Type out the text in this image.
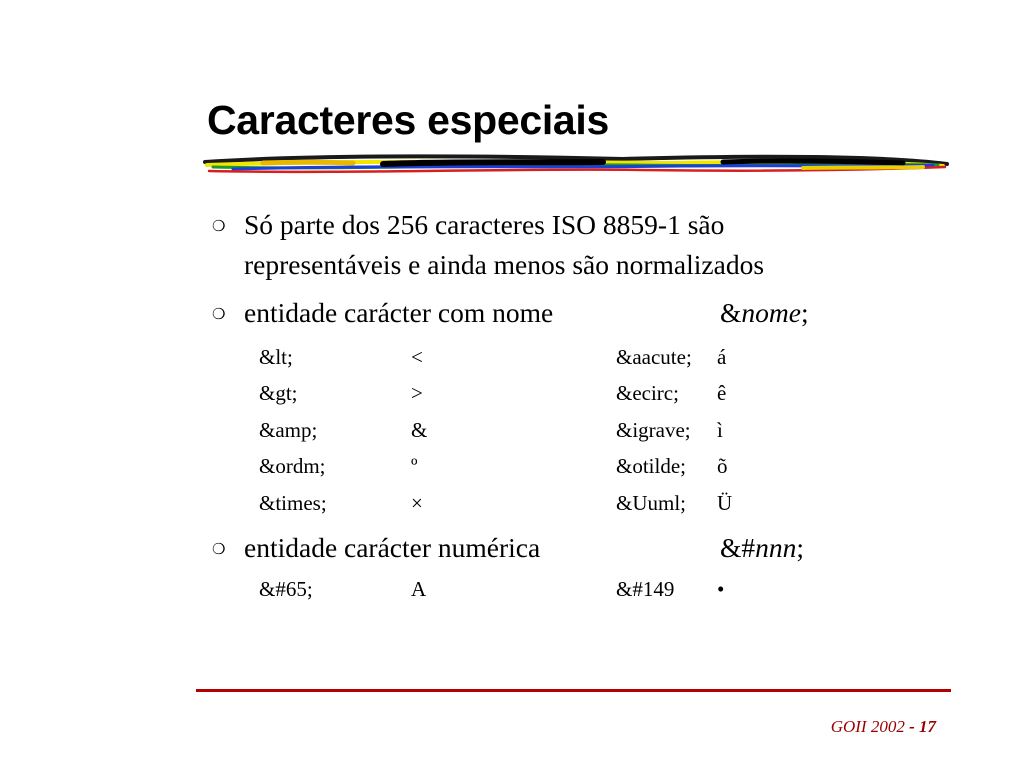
Caracteres especiais
❍ Só parte dos 256 caracteres ISO 8859-1 são
representáveis e ainda menos são normalizados
❍ entidade carácter com nome	&nome;
&lt;	<	&aacute; á
&gt;	>	&ecirc; ê
&amp;	&	&igrave; ì
&ordm;	º	&otilde; õ
&times;	×	&Uuml; Ü
❍ entidade carácter numérica	&#nnn;
&#65;	A	&#149 •
GOII 2002 - 17
